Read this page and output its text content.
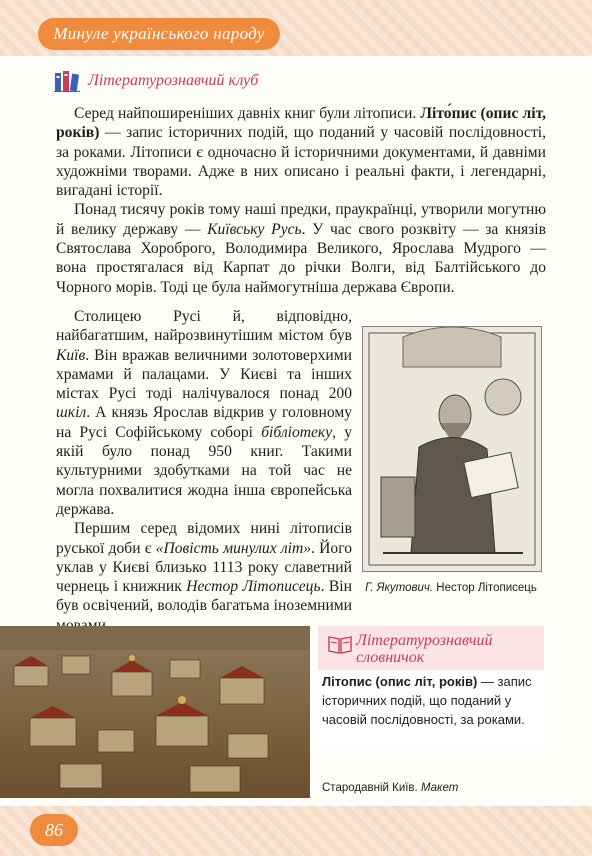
Минуле українського народу
Літературознавчий клуб

Серед найпоширеніших давніх книг були літописи. Літо́пис (опис літ, років) — запис історичних подій, що поданий у часовій послідовності, за роками. Літописи є одночасно й історичними документами, й давніми художніми творами. Адже в них описано і реальні факти, і легендарні, вигадані історії.

Понад тисячу років тому наші предки, праукраїнці, утворили могутню й велику державу — Київську Русь. У час свого розквіту — за князів Святослава Хороброго, Володимира Великого, Ярослава Мудрого — вона простягалася від Карпат до річки Волги, від Балтійського до Чорного морів. Тоді це була наймогутніша держава Європи.

Столицею Русі й, відповідно, найбагатшим, найрозвинутішим містом був Київ. Він вражав величними золотоверхими храмами й палацами. У Києві та інших містах Русі тоді налічувалося понад 200 шкіл. А князь Ярослав відкрив у головному на Русі Софійському соборі бібліотеку, у якій було понад 950 книг. Такими культурними здобутками на той час не могла похвалитися жодна інша європейська держава.

Першим серед відомих нині літописів руської доби є «Повість минулих літ». Його уклав у Києві близько 1113 року славетний чернець і книжник Нестор Літописець. Він був освічений, володів багатьма іноземними

Г. Якутович. Нестор Літописець
Літературознавчий словничок
Літопис (опис літ, років) — запис історичних подій, що поданий у часовій послідовності, за роками.
Стародавній Київ. Макет
86
